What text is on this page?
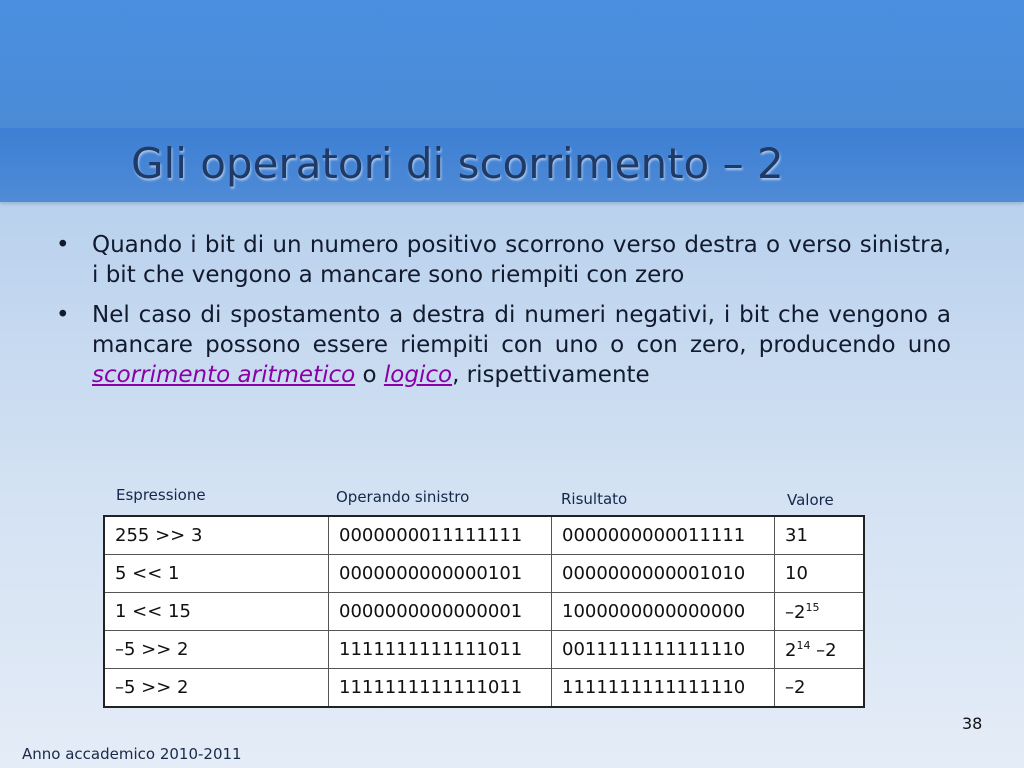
Gli operatori di scorrimento – 2
• Quando i bit di un numero positivo scorrono verso destra o verso sinistra, i bit che vengono a mancare sono riempiti con zero
• Nel caso di spostamento a destra di numeri negativi, i bit che vengono a mancare possono essere riempiti con uno o con zero, producendo uno scorrimento aritmetico o logico, rispettivamente
Espressione	Operando sinistro	Risultato	Valore
255 >> 3	0000000011111111	0000000000011111	31
5 << 1	0000000000000101	0000000000001010	10
1 << 15	0000000000000001	1000000000000000	$-2^{15}$
–5 >> 2	1111111111111011	0011111111111110	$2^{14}$ –2
–5 >> 2	1111111111111011	1111111111111110	–2
38
Anno accademico 2010-2011
